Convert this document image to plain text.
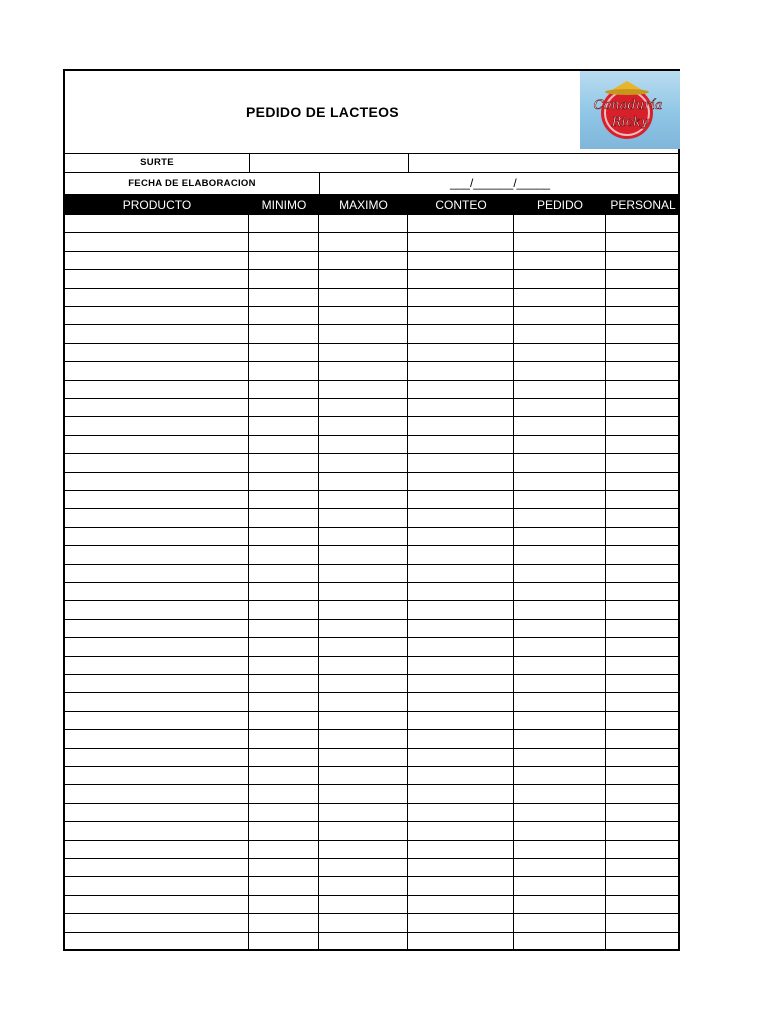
PEDIDO DE LACTEOS	Conaduría
Ricky
SURTE
FECHA DE ELABORACION	___/______/_____
PRODUCTO	MINIMO	MAXIMO	CONTEO	PEDIDO	PERSONAL
